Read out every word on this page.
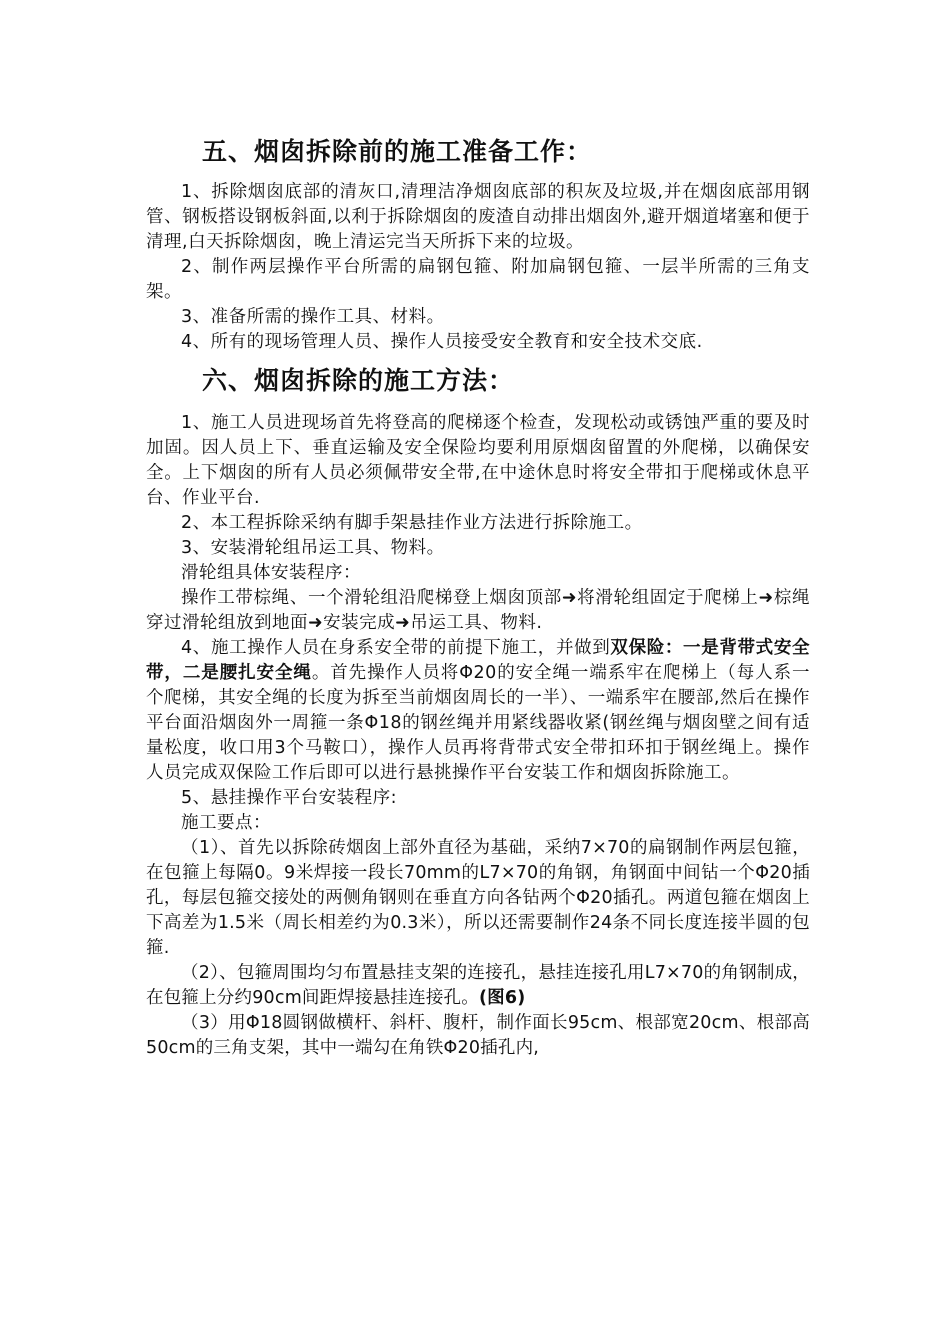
五、烟囱拆除前的施工准备工作：

1、拆除烟囱底部的清灰口,清理洁净烟囱底部的积灰及垃圾,并在烟囱底部用钢管、钢板搭设钢板斜面,以利于拆除烟囱的废渣自动排出烟囱外,避开烟道堵塞和便于清理,白天拆除烟囱，晚上清运完当天所拆下来的垃圾。

2、制作两层操作平台所需的扁钢包箍、附加扁钢包箍、一层半所需的三角支架。

3、准备所需的操作工具、材料。

4、所有的现场管理人员、操作人员接受安全教育和安全技术交底.

六、烟囱拆除的施工方法：

1、施工人员进现场首先将登高的爬梯逐个检查，发现松动或锈蚀严重的要及时加固。因人员上下、垂直运输及安全保险均要利用原烟囱留置的外爬梯，以确保安全。上下烟囱的所有人员必须佩带安全带,在中途休息时将安全带扣于爬梯或休息平台、作业平台.

2、本工程拆除采纳有脚手架悬挂作业方法进行拆除施工。

3、安装滑轮组吊运工具、物料。

滑轮组具体安装程序：

操作工带棕绳、一个滑轮组沿爬梯登上烟囱顶部➜将滑轮组固定于爬梯上➜棕绳穿过滑轮组放到地面➜安装完成➜吊运工具、物料.

4、施工操作人员在身系安全带的前提下施工，并做到双保险：一是背带式安全带，二是腰扎安全绳。首先操作人员将Φ20的安全绳一端系牢在爬梯上（每人系一个爬梯，其安全绳的长度为拆至当前烟囱周长的一半）、一端系牢在腰部,然后在操作平台面沿烟囱外一周箍一条Φ18的钢丝绳并用紧线器收紧(钢丝绳与烟囱壁之间有适量松度，收口用3个马鞍口），操作人员再将背带式安全带扣环扣于钢丝绳上。操作人员完成双保险工作后即可以进行悬挑操作平台安装工作和烟囱拆除施工。

5、悬挂操作平台安装程序:

施工要点：

（1）、首先以拆除砖烟囱上部外直径为基础，采纳7×70的扁钢制作两层包箍，在包箍上每隔0。9米焊接一段长70mm的L7×70的角钢，角钢面中间钻一个Φ20插孔，每层包箍交接处的两侧角钢则在垂直方向各钻两个Φ20插孔。两道包箍在烟囱上下高差为1.5米（周长相差约为0.3米），所以还需要制作24条不同长度连接半圆的包箍.

（2）、包箍周围均匀布置悬挂支架的连接孔，悬挂连接孔用L7×70的角钢制成，在包箍上分约90cm间距焊接悬挂连接孔。(图6)

（3）用Φ18圆钢做横杆、斜杆、腹杆，制作面长95cm、根部宽20cm、根部高50cm的三角支架，其中一端勾在角铁Φ20插孔内,
